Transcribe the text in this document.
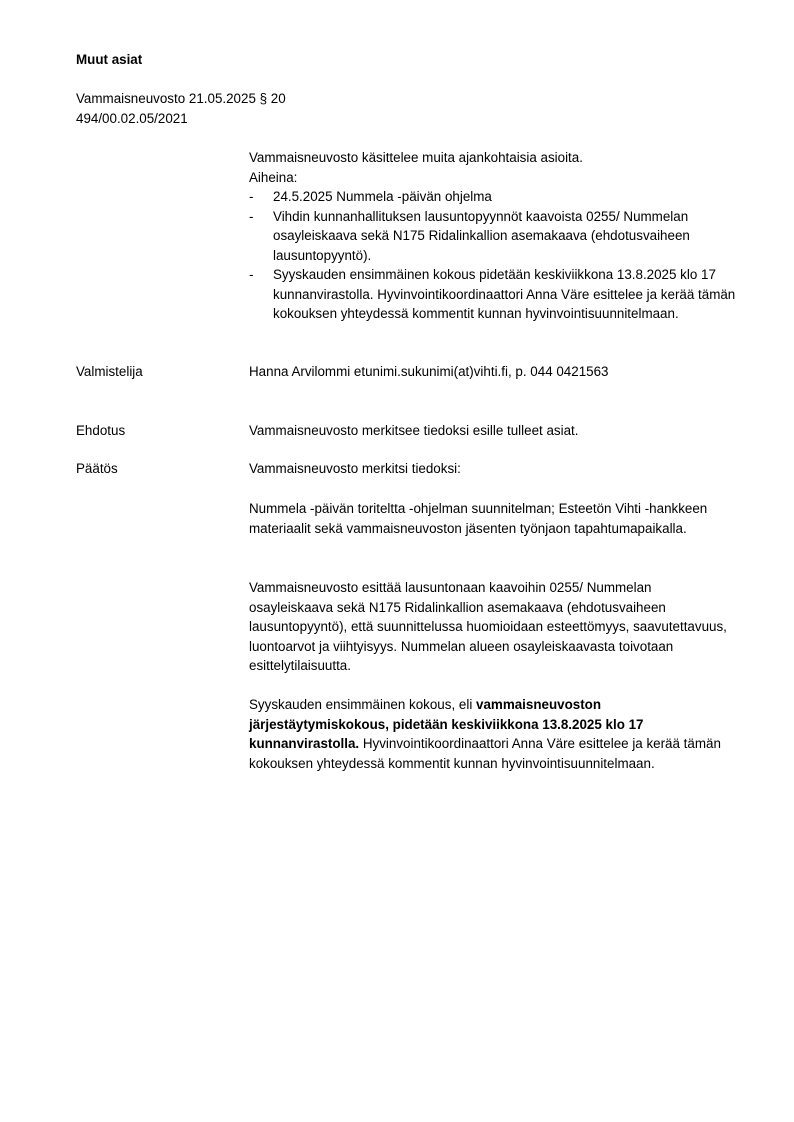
Muut asiat
Vammaisneuvosto 21.05.2025 § 20
494/00.02.05/2021
Vammaisneuvosto käsittelee muita ajankohtaisia asioita.
Aiheina:
- 24.5.2025 Nummela -päivän ohjelma
- Vihdin kunnanhallituksen lausuntopyynnöt kaavoista 0255/ Nummelan osayleiskaava sekä N175 Ridalinkallion asemakaava (ehdotusvaiheen lausuntopyyntö).
- Syyskauden ensimmäinen kokous pidetään keskiviikkona 13.8.2025 klo 17 kunnanvirastolla. Hyvinvointikoordinaattori Anna Väre esittelee ja kerää tämän kokouksen yhteydessä kommentit kunnan hyvinvointisuunnitelmaan.
Valmistelija	Hanna Arvilommi etunimi.sukunimi(at)vihti.fi, p. 044 0421563
Ehdotus	Vammaisneuvosto merkitsee tiedoksi esille tulleet asiat.
Päätös	Vammaisneuvosto merkitsi tiedoksi:

Nummela -päivän toriteltta -ohjelman suunnitelman; Esteetön Vihti -hankkeen materiaalit sekä vammaisneuvoston jäsenten työnjaon tapahtumapaikalla.

Vammaisneuvosto esittää lausuntonaan kaavoihin 0255/ Nummelan osayleiskaava sekä N175 Ridalinkallion asemakaava (ehdotusvaiheen lausuntopyyntö), että suunnittelussa huomioidaan esteettömyys, saavutettavuus, luontoarvot ja viihtyisyys. Nummelan alueen osayleiskaavasta toivotaan esittelytilaisuutta.

Syyskauden ensimmäinen kokous, eli vammaisneuvoston järjestäytymiskokous, pidetään keskiviikkona 13.8.2025 klo 17 kunnanvirastolla. Hyvinvointikoordinaattori Anna Väre esittelee ja kerää tämän kokouksen yhteydessä kommentit kunnan hyvinvointisuunnitelmaan.
